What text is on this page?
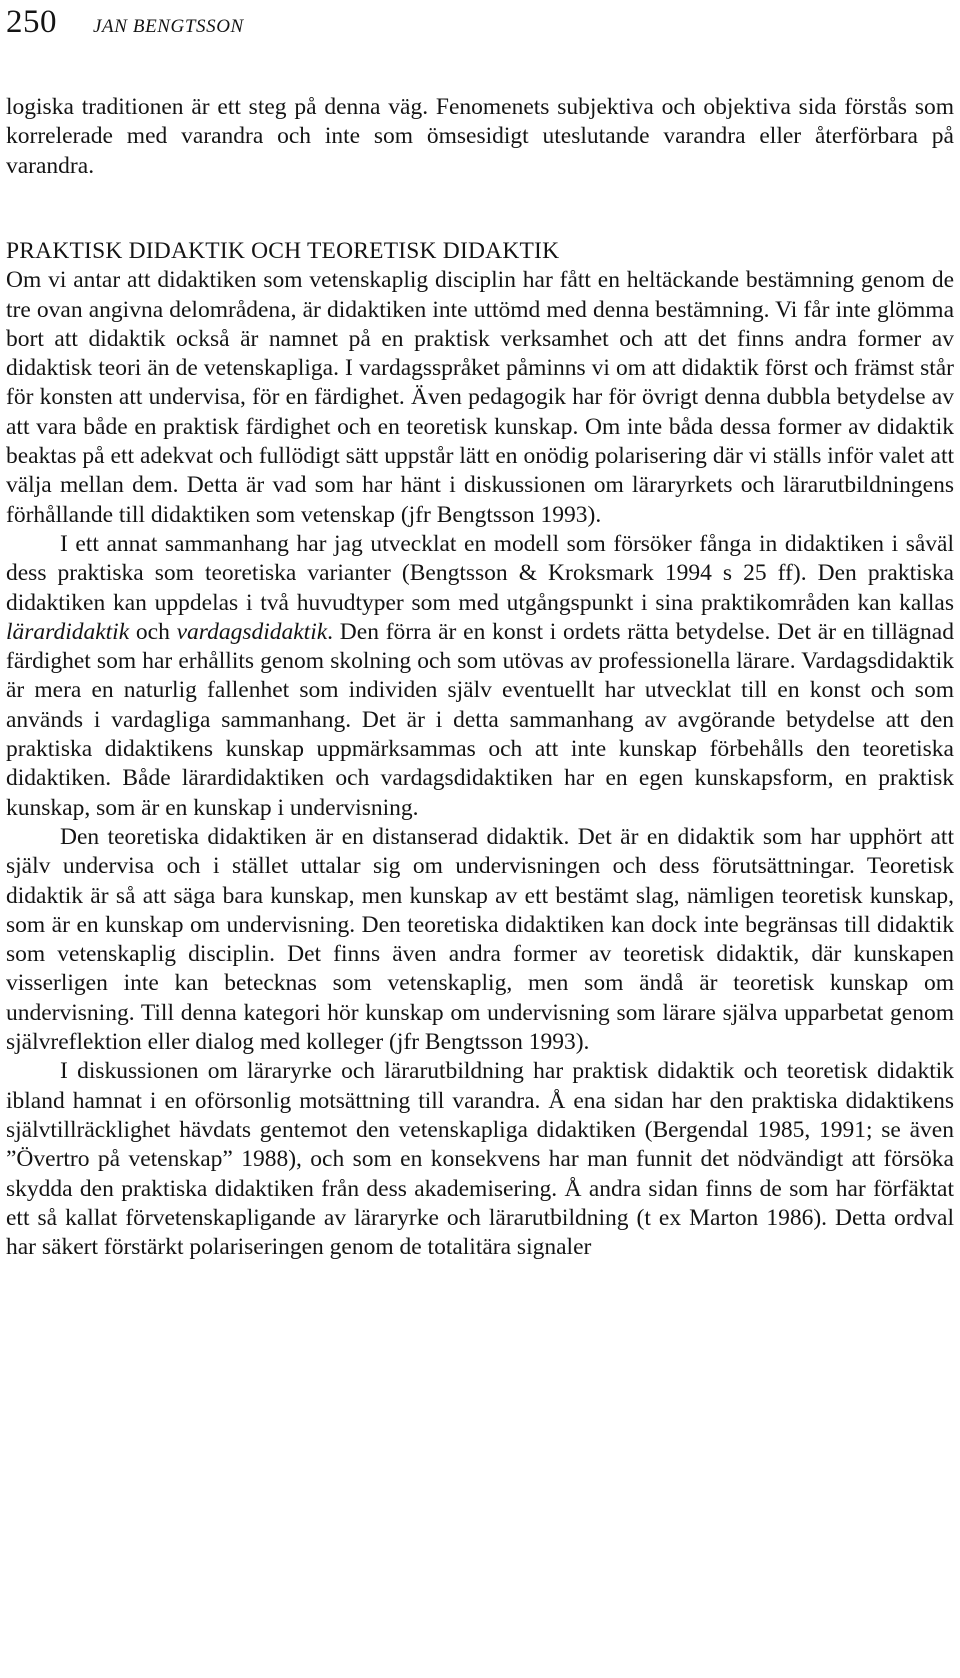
250 JAN BENGTSSON

logiska traditionen är ett steg på denna väg. Fenomenets subjektiva och objektiva sida förstås som korrelerade med varandra och inte som ömsesidigt uteslutande varandra eller återförbara på varandra.

PRAKTISK DIDAKTIK OCH TEORETISK DIDAKTIK

Om vi antar att didaktiken som vetenskaplig disciplin har fått en heltäckande bestämning genom de tre ovan angivna delområdena, är didaktiken inte uttömd med denna bestämning. Vi får inte glömma bort att didaktik också är namnet på en praktisk verksamhet och att det finns andra former av didaktisk teori än de vetenskapliga. I vardagsspråket påminns vi om att didaktik först och främst står för konsten att undervisa, för en färdighet. Även pedagogik har för övrigt denna dubbla betydelse av att vara både en praktisk färdighet och en teoretisk kunskap. Om inte båda dessa former av didaktik beaktas på ett adekvat och fullödigt sätt uppstår lätt en onödig polarisering där vi ställs inför valet att välja mellan dem. Detta är vad som har hänt i diskussionen om läraryrkets och lärarutbildningens förhållande till didaktiken som vetenskap (jfr Bengtsson 1993).

I ett annat sammanhang har jag utvecklat en modell som försöker fånga in didaktiken i såväl dess praktiska som teoretiska varianter (Bengtsson & Kroksmark 1994 s 25 ff). Den praktiska didaktiken kan uppdelas i två huvudtyper som med utgångspunkt i sina praktikområden kan kallas lärardidaktik och vardagsdidaktik. Den förra är en konst i ordets rätta betydelse. Det är en tillägnad färdighet som har erhållits genom skolning och som utövas av professionella lärare. Vardagsdidaktik är mera en naturlig fallenhet som individen själv eventuellt har utvecklat till en konst och som används i vardagliga sammanhang. Det är i detta sammanhang av avgörande betydelse att den praktiska didaktikens kunskap uppmärksammas och att inte kunskap förbehålls den teoretiska didaktiken. Både lärardidaktiken och vardagsdidaktiken har en egen kunskapsform, en praktisk kunskap, som är en kunskap i undervisning.

Den teoretiska didaktiken är en distanserad didaktik. Det är en didaktik som har upphört att själv undervisa och i stället uttalar sig om undervisningen och dess förutsättningar. Teoretisk didaktik är så att säga bara kunskap, men kunskap av ett bestämt slag, nämligen teoretisk kunskap, som är en kunskap om undervisning. Den teoretiska didaktiken kan dock inte begränsas till didaktik som vetenskaplig disciplin. Det finns även andra former av teoretisk didaktik, där kunskapen visserligen inte kan betecknas som vetenskaplig, men som ändå är teoretisk kunskap om undervisning. Till denna kategori hör kunskap om undervisning som lärare själva upparbetat genom självreflektion eller dialog med kolleger (jfr Bengtsson 1993).

I diskussionen om läraryrke och lärarutbildning har praktisk didaktik och teoretisk didaktik ibland hamnat i en oförsonlig motsättning till varandra. Å ena sidan har den praktiska didaktikens självtillräcklighet hävdats gentemot den vetenskapliga didaktiken (Bergendal 1985, 1991; se även ”Övertro på vetenskap” 1988), och som en konsekvens har man funnit det nödvändigt att försöka skydda den praktiska didaktiken från dess akademisering. Å andra sidan finns de som har förfäktat ett så kallat förvetenskapligande av läraryrke och lärarutbildning (t ex Marton 1986). Detta ordval har säkert förstärkt polariseringen genom de totalitära signaler
